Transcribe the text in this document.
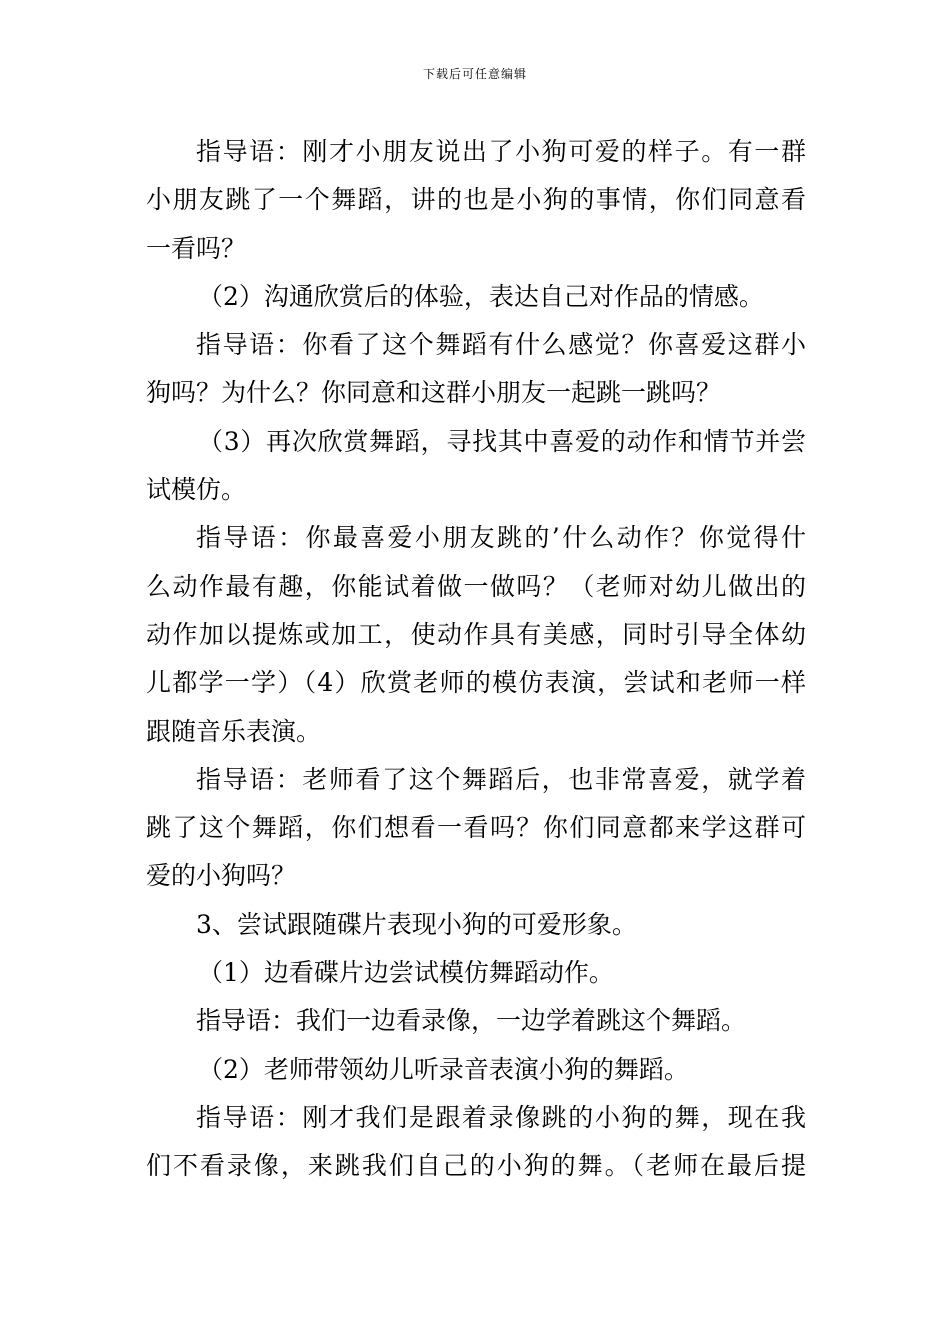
下载后可任意编辑
指导语：刚才小朋友说出了小狗可爱的样子。有一群
小朋友跳了一个舞蹈，讲的也是小狗的事情，你们同意看
一看吗？
（2）沟通欣赏后的体验，表达自己对作品的情感。
指导语：你看了这个舞蹈有什么感觉？你喜爱这群小
狗吗？为什么？你同意和这群小朋友一起跳一跳吗？
（3）再次欣赏舞蹈，寻找其中喜爱的动作和情节并尝
试模仿。
指导语：你最喜爱小朋友跳的’什么动作？你觉得什
么动作最有趣，你能试着做一做吗？（老师对幼儿做出的
动作加以提炼或加工，使动作具有美感，同时引导全体幼
儿都学一学）（4）欣赏老师的模仿表演，尝试和老师一样
跟随音乐表演。
指导语：老师看了这个舞蹈后，也非常喜爱，就学着
跳了这个舞蹈，你们想看一看吗？你们同意都来学这群可
爱的小狗吗？
3、尝试跟随碟片表现小狗的可爱形象。
（1）边看碟片边尝试模仿舞蹈动作。
指导语：我们一边看录像，一边学着跳这个舞蹈。
（2）老师带领幼儿听录音表演小狗的舞蹈。
指导语：刚才我们是跟着录像跳的小狗的舞，现在我
们不看录像，来跳我们自己的小狗的舞。（老师在最后提
